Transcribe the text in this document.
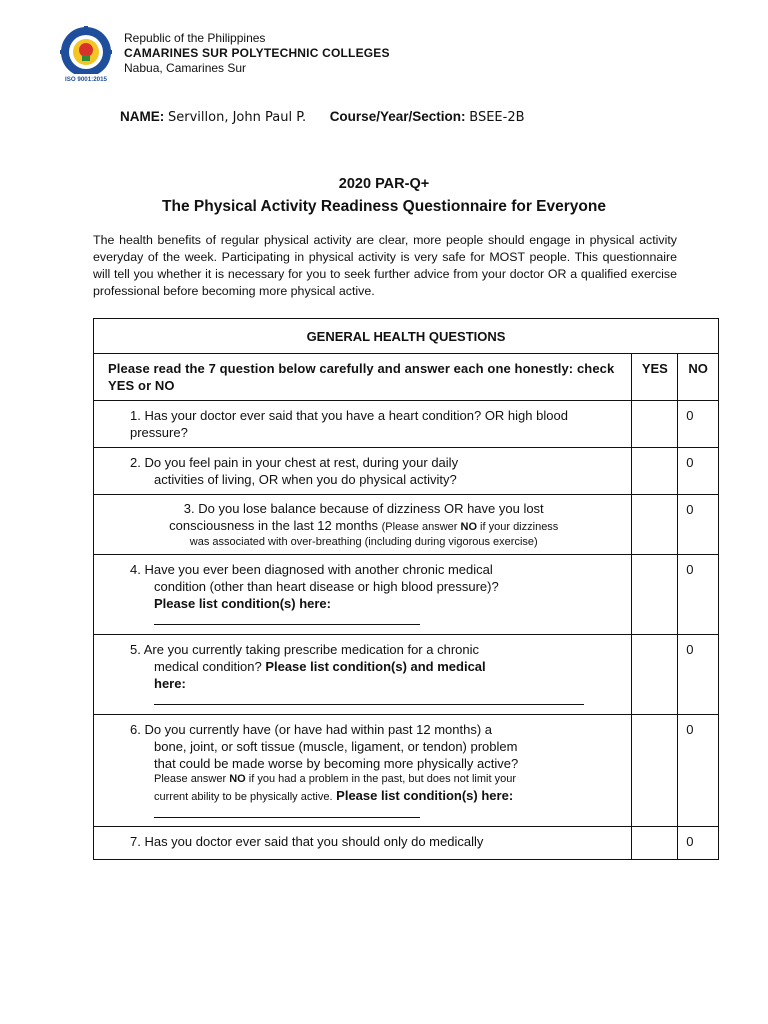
ISO 9001:2015
Republic of the Philippines
CAMARINES SUR POLYTECHNIC COLLEGES
Nabua, Camarines Sur
NAME: Servillon, John Paul P. Course/Year/Section: BSEE-2B
2020 PAR-Q+
The Physical Activity Readiness Questionnaire for Everyone
The health benefits of regular physical activity are clear, more people should engage in physical activity everyday of the week. Participating in physical activity is very safe for MOST people. This questionnaire will tell you whether it is necessary for you to seek further advice from your doctor OR a qualified exercise professional before becoming more physical active.
GENERAL HEALTH QUESTIONS		
Please read the 7 question below carefully and answer each one honestly: check YES or NO	YES	NO
1. Has your doctor ever said that you have a heart condition? OR high blood pressure?		0

2. Do you feel pain in your chest at rest, during your daily
activities of living, OR when you do physical activity?		0

3. Do you lose balance because of dizziness OR have you lost
consciousness in the last 12 months (Please answer NO if your dizziness
was associated with over-breathing (including during vigorous exercise)		0

4. Have you ever been diagnosed with another chronic medical
condition (other than heart disease or high blood pressure)?
Please list condition(s) here:		0

5. Are you currently taking prescribe medication for a chronic
medical condition? Please list condition(s) and medical
here:		0

6. Do you currently have (or have had within past 12 months) a
bone, joint, or soft tissue (muscle, ligament, or tendon) problem
that could be made worse by becoming more physically active?
Please answer NO if you had a problem in the past, but does not limit your
current ability to be physically active. Please list condition(s) here:		0
7. Has you doctor ever said that you should only do medically		0
